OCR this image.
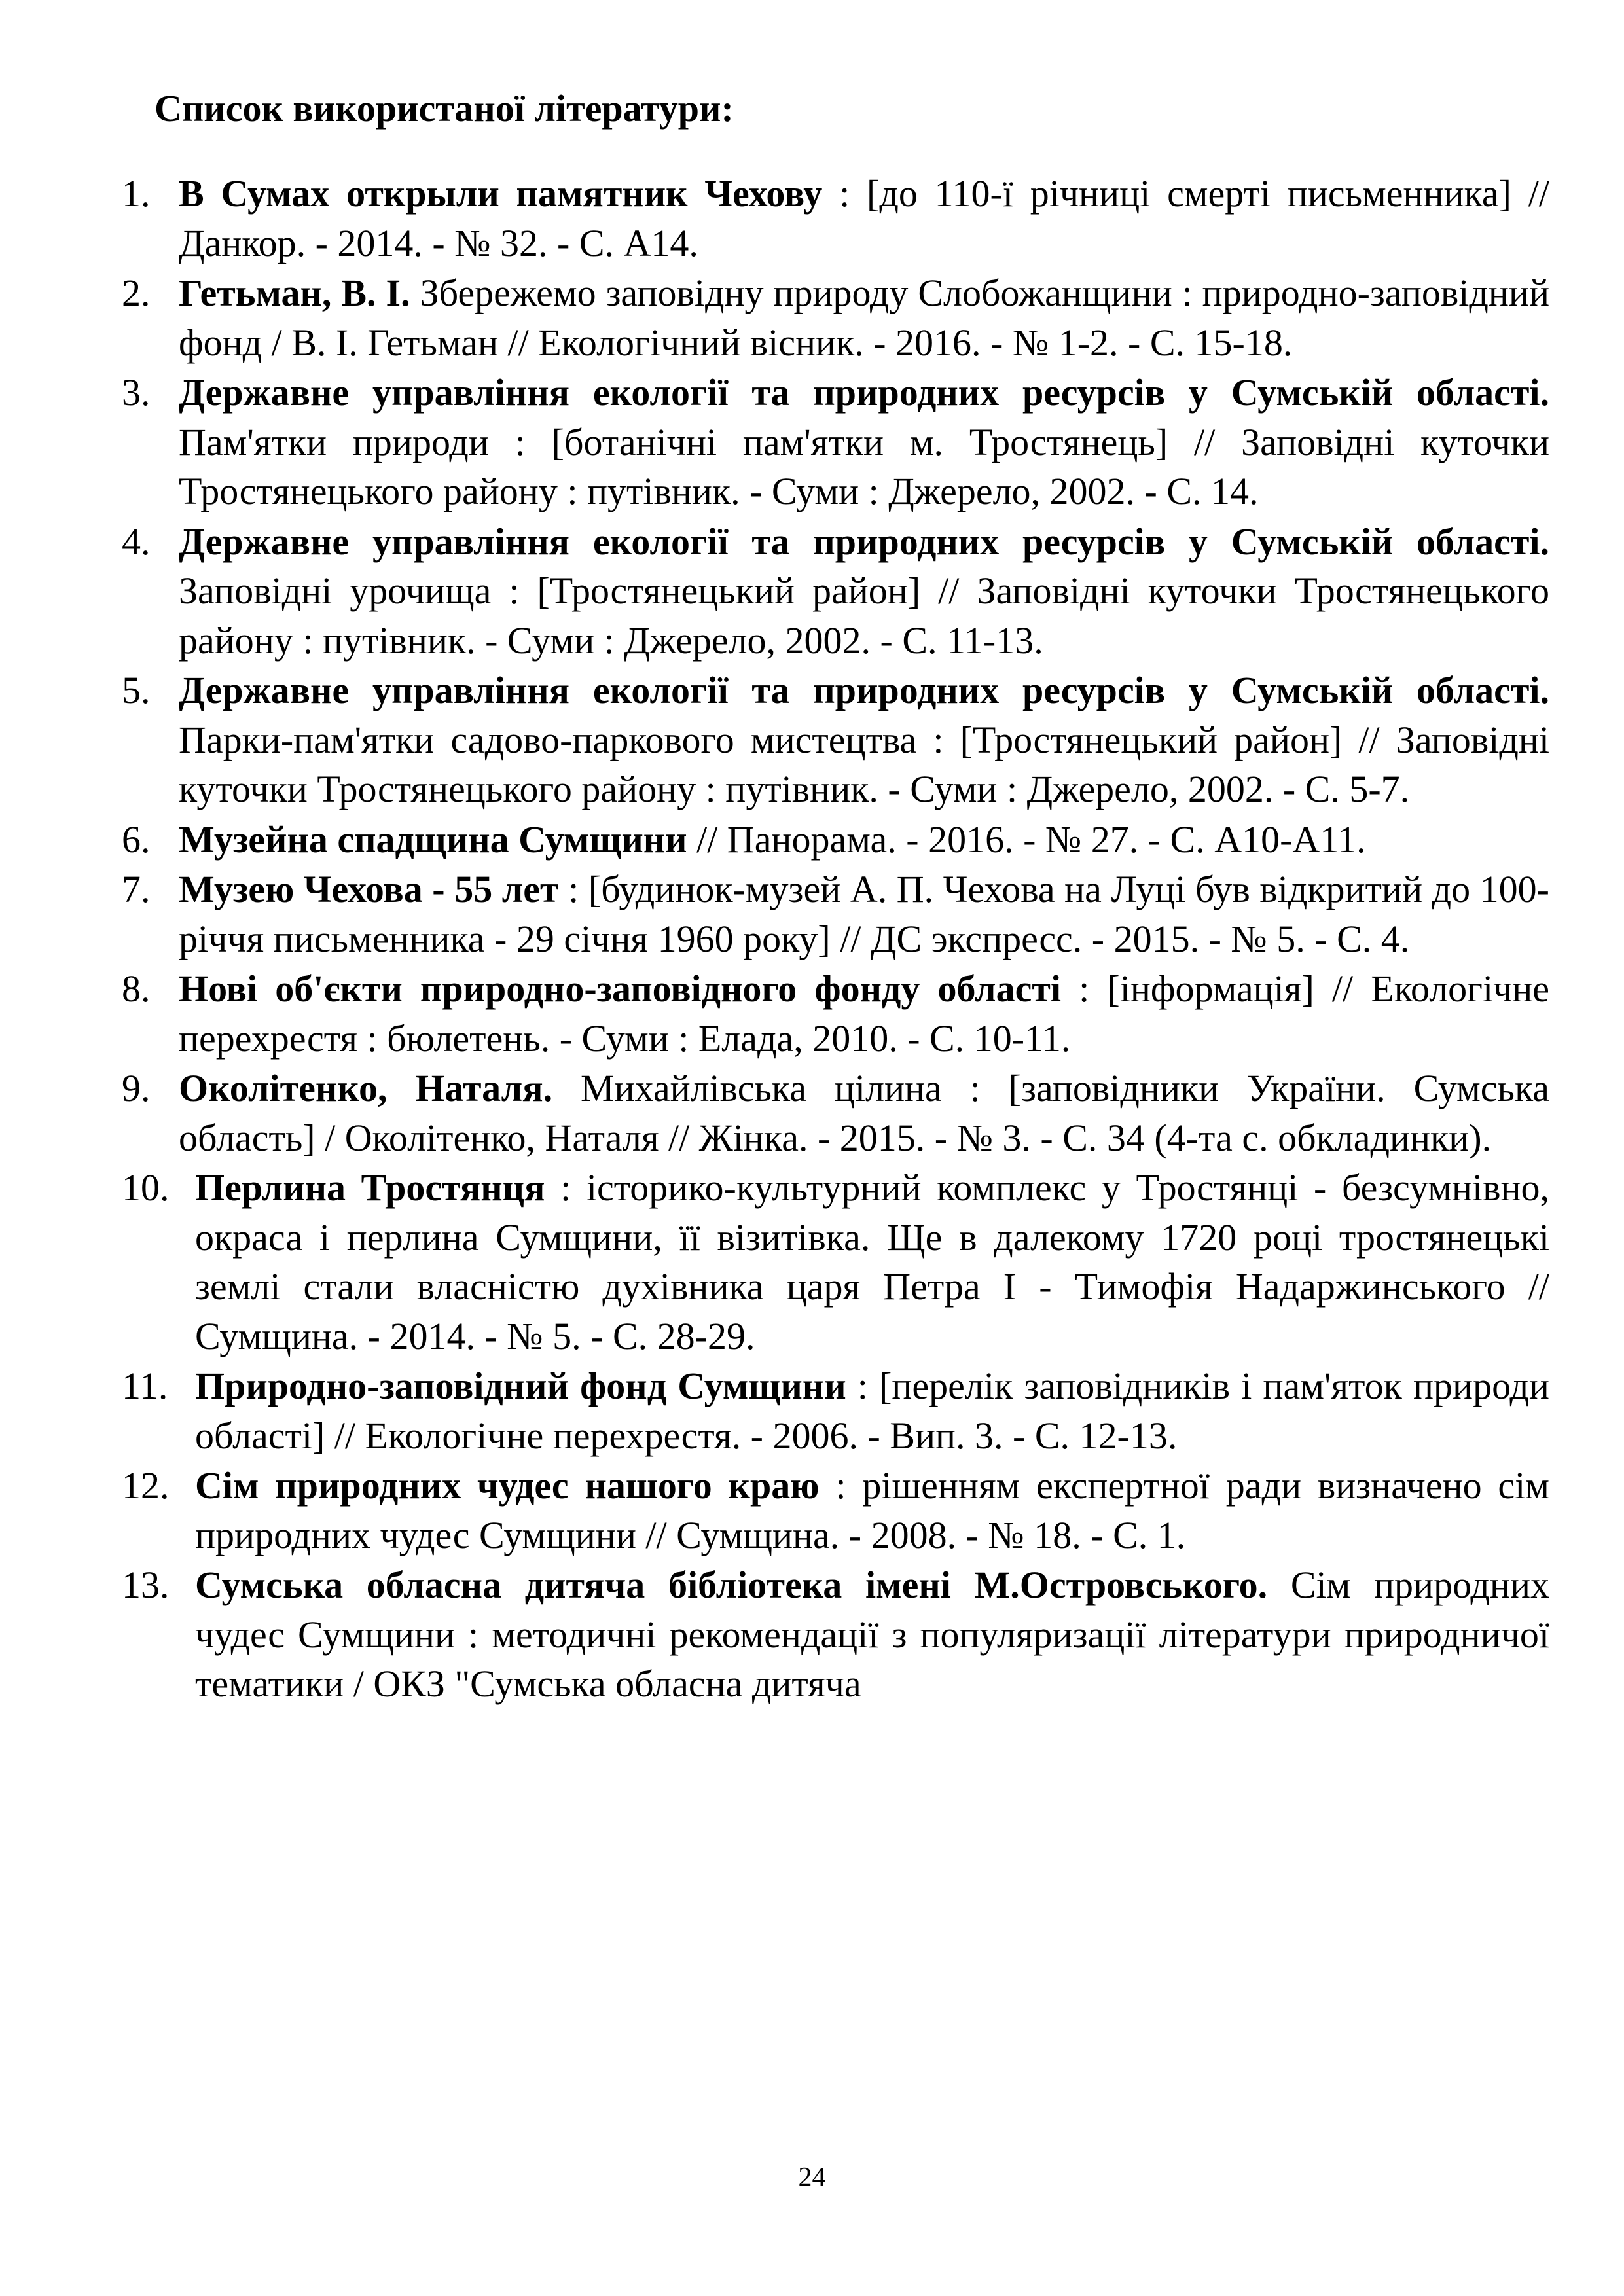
Список використаної літератури:
1. В Сумах открыли памятник Чехову : [до 110-ї річниці смерті письменника] // Данкор. - 2014. - № 32. - С. А14.
2. Гетьман, В. І. Збережемо заповідну природу Слобожанщини : природно-заповідний фонд / В. І. Гетьман // Екологічний вісник. - 2016. - № 1-2. - С. 15-18.
3. Державне управління екології та природних ресурсів у Сумській області. Пам'ятки природи : [ботанічні пам'ятки м. Тростянець] // Заповідні куточки Тростянецького району : путівник. - Суми : Джерело, 2002. - С. 14.
4. Державне управління екології та природних ресурсів у Сумській області. Заповідні урочища : [Тростянецький район] // Заповідні куточки Тростянецького району : путівник. - Суми : Джерело, 2002. - С. 11-13.
5. Державне управління екології та природних ресурсів у Сумській області. Парки-пам'ятки садово-паркового мистецтва : [Тростянецький район] // Заповідні куточки Тростянецького району : путівник. - Суми : Джерело, 2002. - С. 5-7.
6. Музейна спадщина Сумщини // Панорама. - 2016. - № 27. - С. А10-А11.
7. Музею Чехова - 55 лет : [будинок-музей А. П. Чехова на Луці був відкритий до 100-річчя письменника - 29 січня 1960 року] // ДС экспресс. - 2015. - № 5. - С. 4.
8. Нові об'єкти природно-заповідного фонду області : [інформація] // Екологічне перехрестя : бюлетень. - Суми : Елада, 2010. - С. 10-11.
9. Околітенко, Наталя. Михайлівська цілина : [заповідники України. Сумська область] / Околітенко, Наталя // Жінка. - 2015. - № 3. - С. 34 (4-та с. обкладинки).
10. Перлина Тростянця : історико-культурний комплекс у Тростянці - безсумнівно, окраса і перлина Сумщини, її візитівка. Ще в далекому 1720 році тростянецькі землі стали власністю духівника царя Петра І - Тимофія Надаржинського // Сумщина. - 2014. - № 5. - С. 28-29.
11. Природно-заповідний фонд Сумщини : [перелік заповідників і пам'яток природи області] // Екологічне перехрестя. - 2006. - Вип. 3. - С. 12-13.
12. Сім природних чудес нашого краю : рішенням експертної ради визначено сім природних чудес Сумщини // Сумщина. - 2008. - № 18. - С. 1.
13. Сумська обласна дитяча бібліотека імені М.Островського. Сім природних чудес Сумщини : методичні рекомендації з популяризації літератури природничої тематики / ОКЗ "Сумська обласна дитяча
24
